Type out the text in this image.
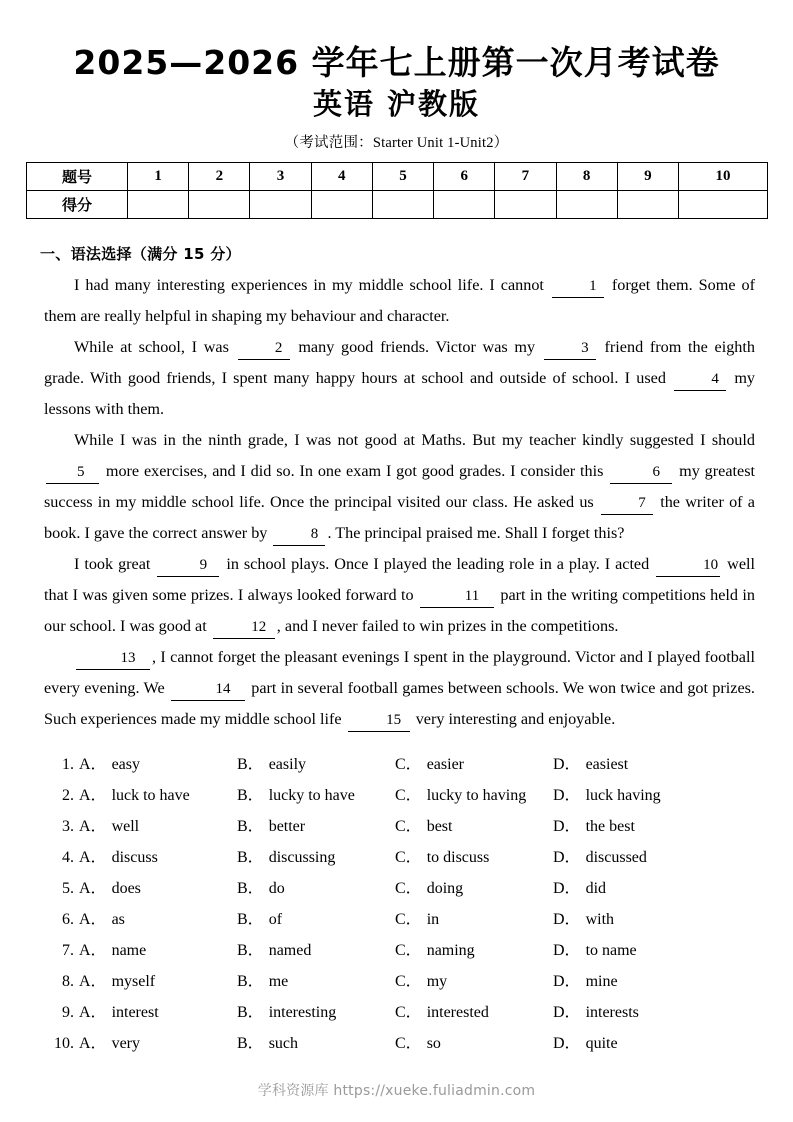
2025—2026 学年七上册第一次月考试卷
英语 沪教版
（考试范围：Starter Unit 1-Unit2）
题号	1	2	3	4	5	6	7	8	9	10
得分										
一、语法选择（满分 15 分）

I had many interesting experiences in my middle school life. I cannot	1 forget them. Some of them are really helpful in shaping my behaviour and character.

While at school, I was	2 many good friends. Victor was my	3 friend from the eighth grade. With good friends, I spent many happy hours at school and outside of school. I used	4 my lessons with them.

While I was in the ninth grade, I was not good at Maths. But my teacher kindly suggested I should 5 more exercises, and I did so. In one exam I got good grades. I consider this	6 my greatest success in my middle school life. Once the principal visited our class. He asked us	7 the writer of a book. I gave the correct answer by	8 . The principal praised me. Shall I forget this?

I took great	9 in school plays. Once I played the leading role in a play. I acted	10 well that I was given some prizes. I always looked forward to	11 part in the writing competitions held in our school. I was good at	12 , and I never failed to win prizes in the competitions.

13 , I cannot forget the pleasant evenings I spent in the playground. Victor and I played football every evening. We	14 part in several football games between schools. We won twice and got prizes. Such experiences made my middle school life	15 very interesting and enjoyable.

1. A． easy	B． easily	C． easier	D． easiest
2. A． luck to have	B． lucky to have	C． lucky to having	D． luck having
3. A． well	B． better	C． best	D． the best
4. A． discuss	B． discussing	C． to discuss	D． discussed
5. A． does	B． do	C． doing	D． did
6. A． as	B． of	C． in	D． with
7. A． name	B． named	C． naming	D． to name
8. A． myself	B． me	C． my	D． mine
9. A． interest	B． interesting	C． interested	D． interests
10. A． very	B． such	C． so	D． quite
学科资源库 https://xueke.fuliadmin.com
